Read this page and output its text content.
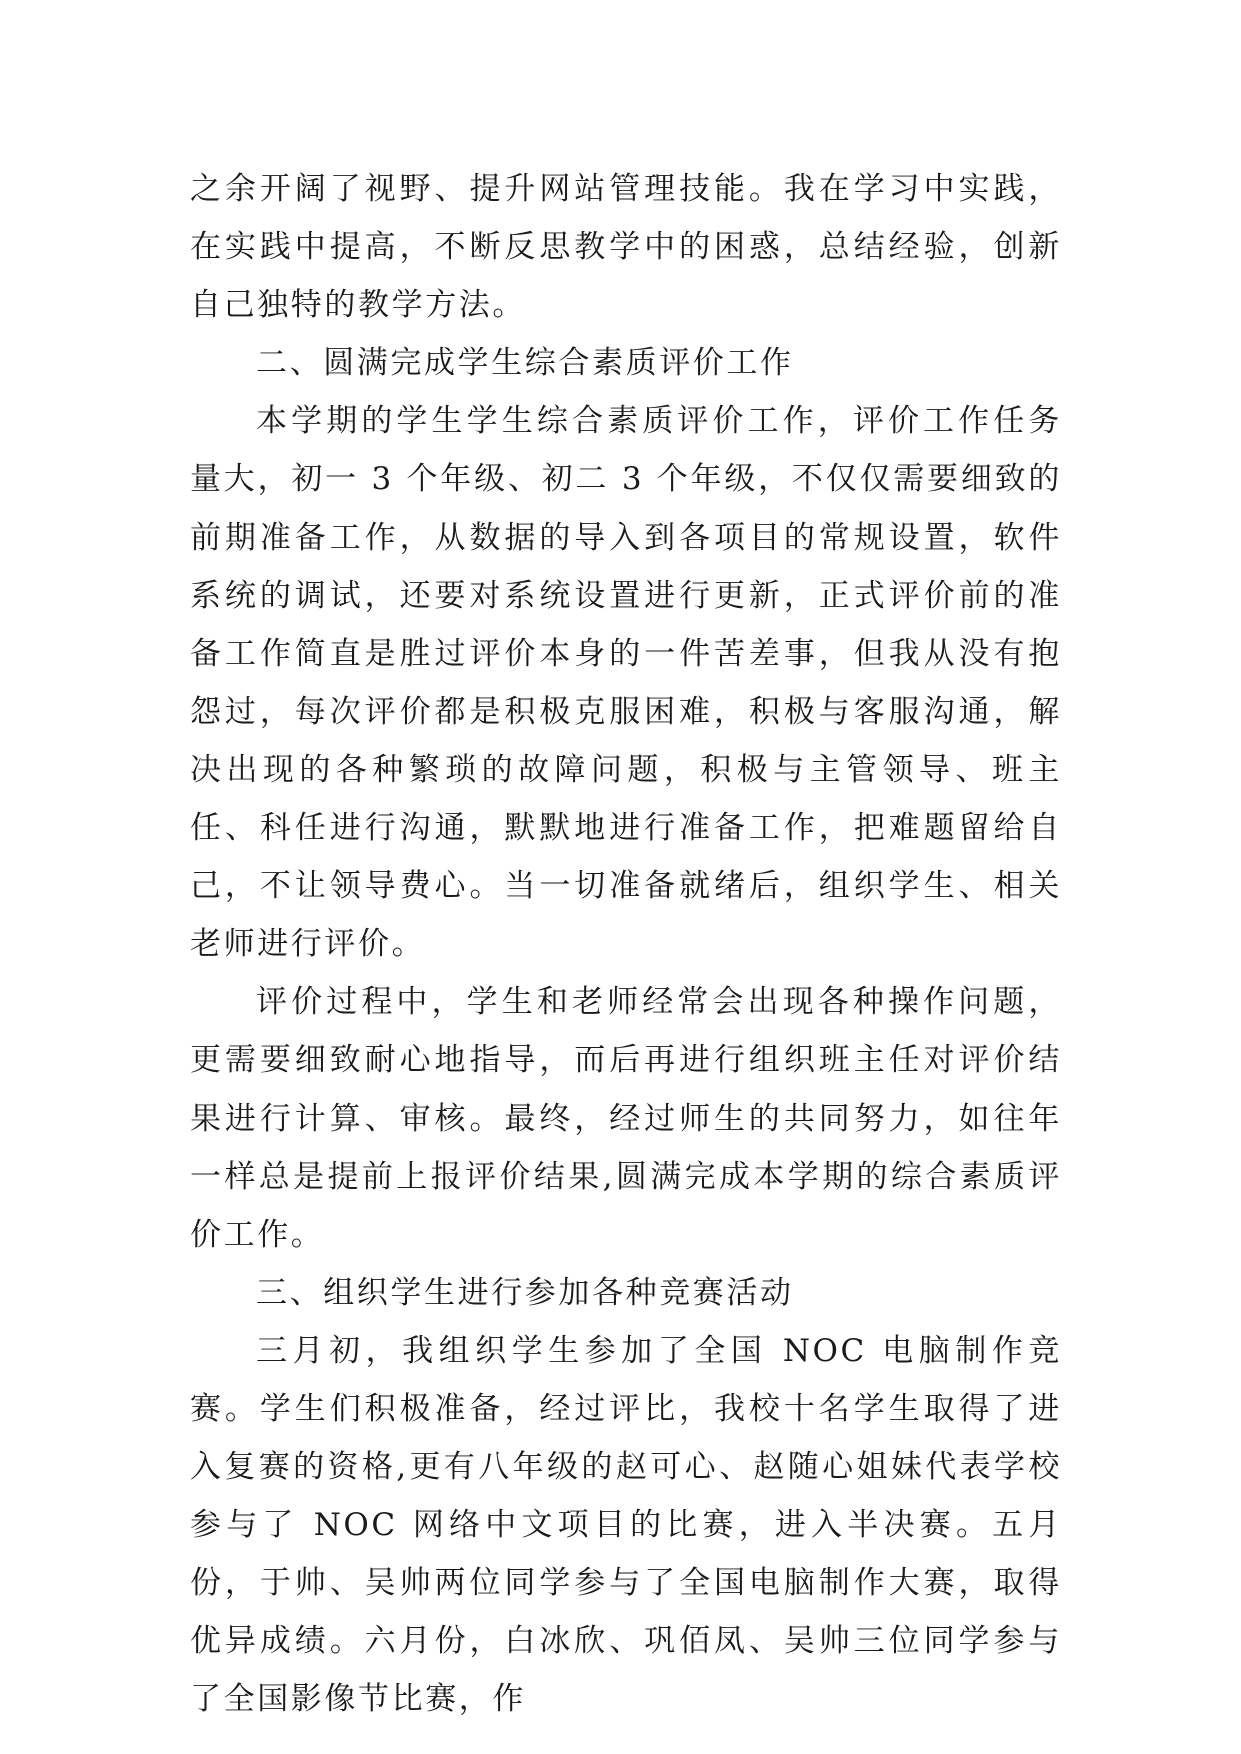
之余开阔了视野、提升网站管理技能。我在学习中实践，在实践中提高，不断反思教学中的困惑，总结经验，创新自己独特的教学方法。

二、圆满完成学生综合素质评价工作

本学期的学生学生综合素质评价工作，评价工作任务量大，初一 3 个年级、初二 3 个年级，不仅仅需要细致的前期准备工作，从数据的导入到各项目的常规设置，软件系统的调试，还要对系统设置进行更新，正式评价前的准备工作简直是胜过评价本身的一件苦差事，但我从没有抱怨过，每次评价都是积极克服困难，积极与客服沟通，解决出现的各种繁琐的故障问题，积极与主管领导、班主任、科任进行沟通，默默地进行准备工作，把难题留给自己，不让领导费心。当一切准备就绪后，组织学生、相关老师进行评价。

评价过程中，学生和老师经常会出现各种操作问题，更需要细致耐心地指导，而后再进行组织班主任对评价结果进行计算、审核。最终，经过师生的共同努力，如往年一样总是提前上报评价结果,圆满完成本学期的综合素质评价工作。

三、组织学生进行参加各种竞赛活动

三月初，我组织学生参加了全国 NOC 电脑制作竞赛。学生们积极准备，经过评比，我校十名学生取得了进入复赛的资格,更有八年级的赵可心、赵随心姐妹代表学校参与了 NOC 网络中文项目的比赛，进入半决赛。五月份，于帅、吴帅两位同学参与了全国电脑制作大赛，取得优异成绩。六月份，白冰欣、巩佰凤、吴帅三位同学参与了全国影像节比赛，作
